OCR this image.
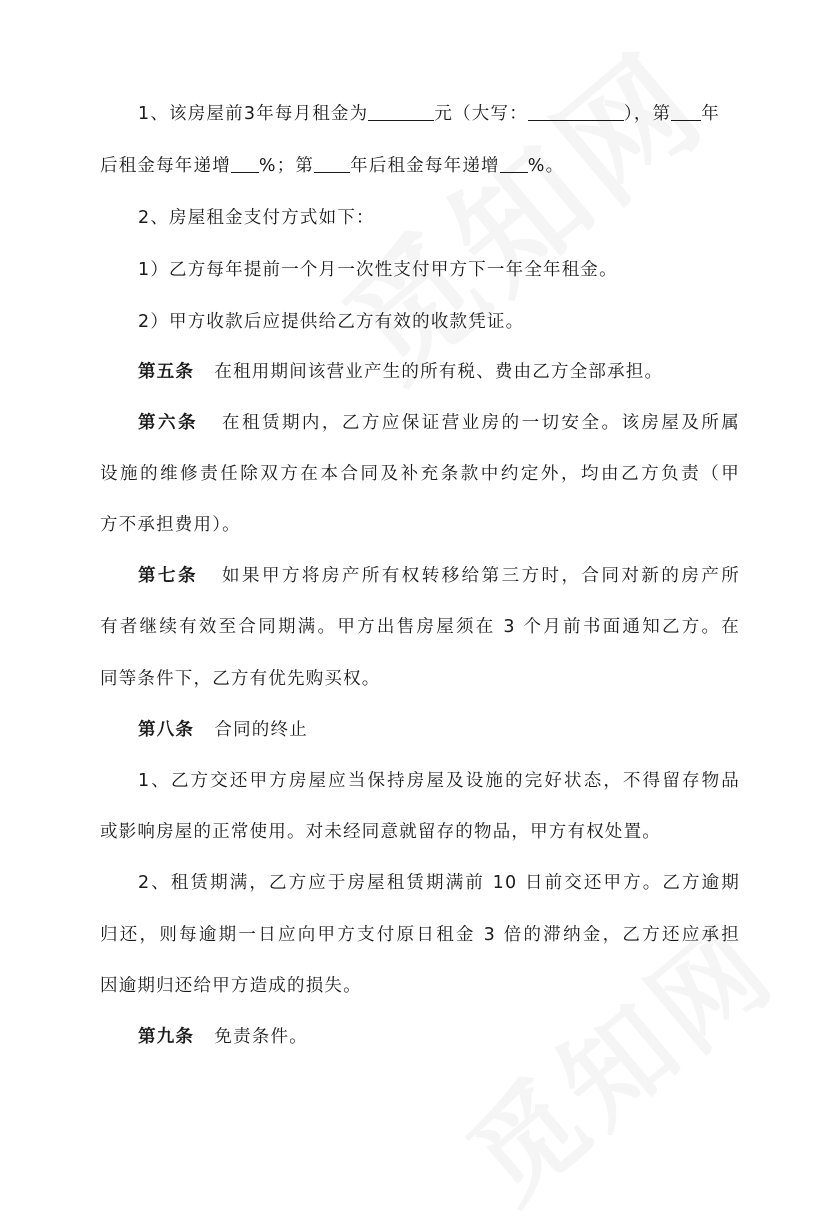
1、该房屋前3年每月租金为	元（大写：	），第 年
后租金每年递增 %；第 年后租金每年递增 %。
2、房屋租金支付方式如下：
1）乙方每年提前一个月一次性支付甲方下一年全年租金。
2）甲方收款后应提供给乙方有效的收款凭证。
第五条 在租用期间该营业产生的所有税、费由乙方全部承担。
第六条 在租赁期内，乙方应保证营业房的一切安全。该房屋及所属
设施的维修责任除双方在本合同及补充条款中约定外，均由乙方负责（甲
方不承担费用）。
第七条 如果甲方将房产所有权转移给第三方时，合同对新的房产所
有者继续有效至合同期满。甲方出售房屋须在 3 个月前书面通知乙方。在
同等条件下，乙方有优先购买权。
第八条 合同的终止
1、乙方交还甲方房屋应当保持房屋及设施的完好状态，不得留存物品
或影响房屋的正常使用。对未经同意就留存的物品，甲方有权处置。
2、租赁期满，乙方应于房屋租赁期满前 10 日前交还甲方。乙方逾期
归还，则每逾期一日应向甲方支付原日租金 3 倍的滞纳金，乙方还应承担
因逾期归还给甲方造成的损失。
第九条 免责条件。
